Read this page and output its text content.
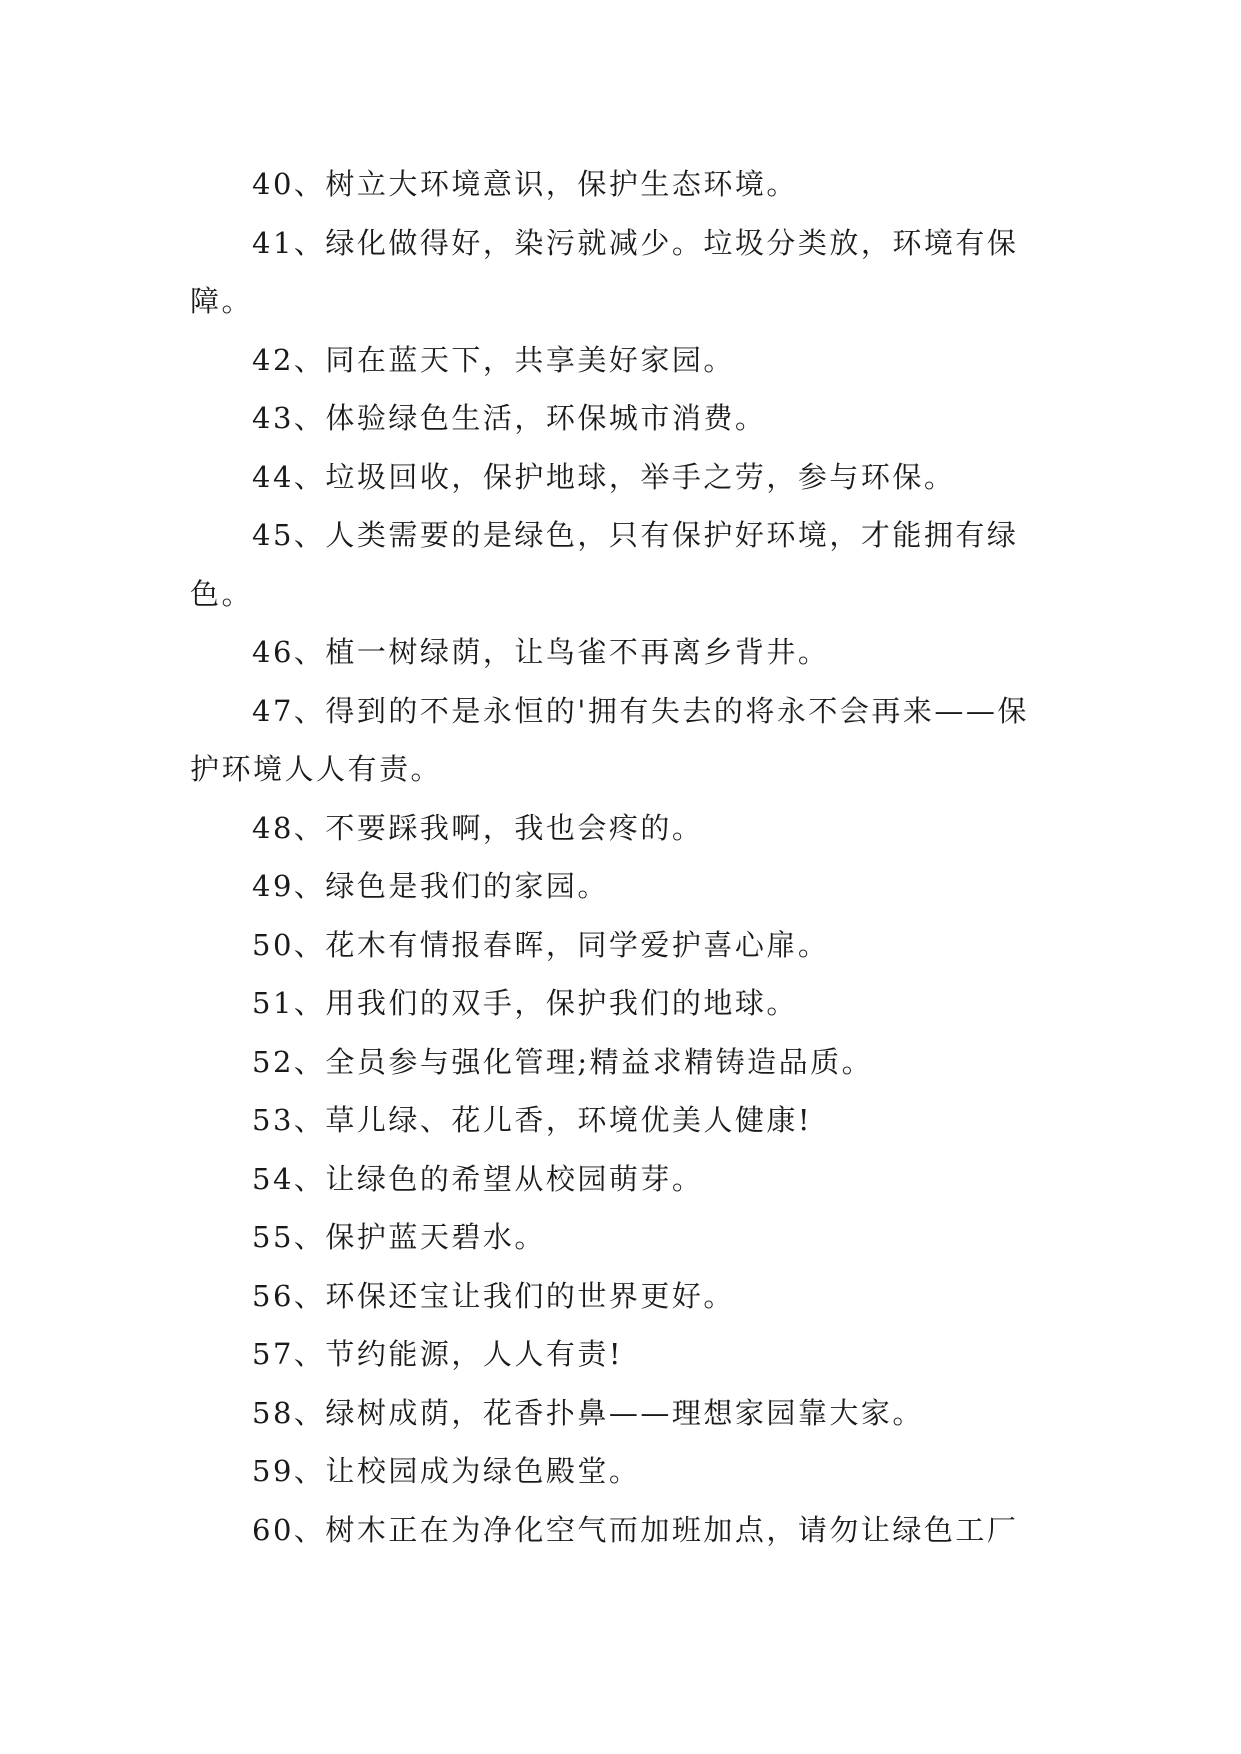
40、树立大环境意识，保护生态环境。

41、绿化做得好，染污就减少。垃圾分类放，环境有保障。

42、同在蓝天下，共享美好家园。

43、体验绿色生活，环保城市消费。

44、垃圾回收，保护地球，举手之劳，参与环保。

45、人类需要的是绿色，只有保护好环境，才能拥有绿色。

46、植一树绿荫，让鸟雀不再离乡背井。

47、得到的不是永恒的'拥有失去的将永不会再来——保护环境人人有责。

48、不要踩我啊，我也会疼的。

49、绿色是我们的家园。

50、花木有情报春晖，同学爱护喜心扉。

51、用我们的双手，保护我们的地球。

52、全员参与强化管理;精益求精铸造品质。

53、草儿绿、花儿香，环境优美人健康!

54、让绿色的希望从校园萌芽。

55、保护蓝天碧水。

56、环保还宝让我们的世界更好。

57、节约能源，人人有责!

58、绿树成荫，花香扑鼻——理想家园靠大家。

59、让校园成为绿色殿堂。

60、树木正在为净化空气而加班加点，请勿让绿色工厂
